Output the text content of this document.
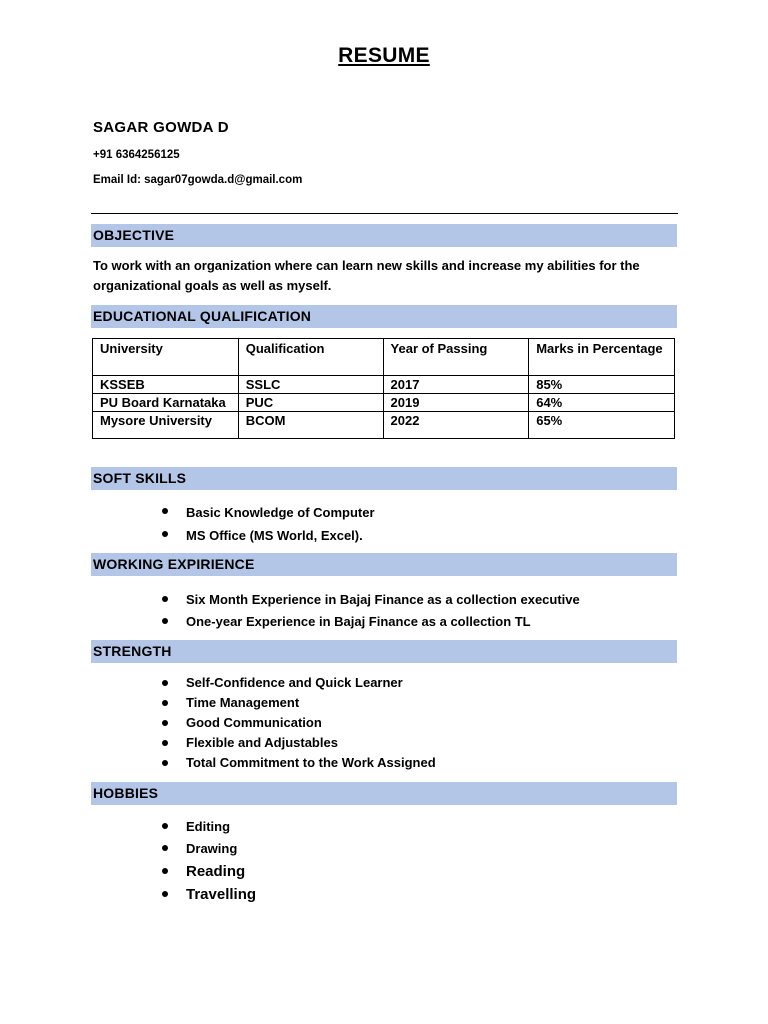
RESUME
SAGAR GOWDA D
+91 6364256125
Email Id: sagar07gowda.d@gmail.com
OBJECTIVE
To work with an organization where can learn new skills and increase my abilities for the organizational goals as well as myself.
EDUCATIONAL QUALIFICATION
University	Qualification	Year of Passing	Marks in Percentage
KSSEB	SSLC	2017	85%
PU Board Karnataka	PUC	2019	64%
Mysore University	BCOM	2022	65%
SOFT SKILLS
Basic Knowledge of Computer
MS Office (MS World, Excel).
WORKING EXPIRIENCE
Six Month Experience in Bajaj Finance as a collection executive
One-year Experience in Bajaj Finance as a collection TL
STRENGTH
Self-Confidence and Quick Learner
Time Management
Good Communication
Flexible and Adjustables
Total Commitment to the Work Assigned
HOBBIES
Editing
Drawing
Reading
Travelling
